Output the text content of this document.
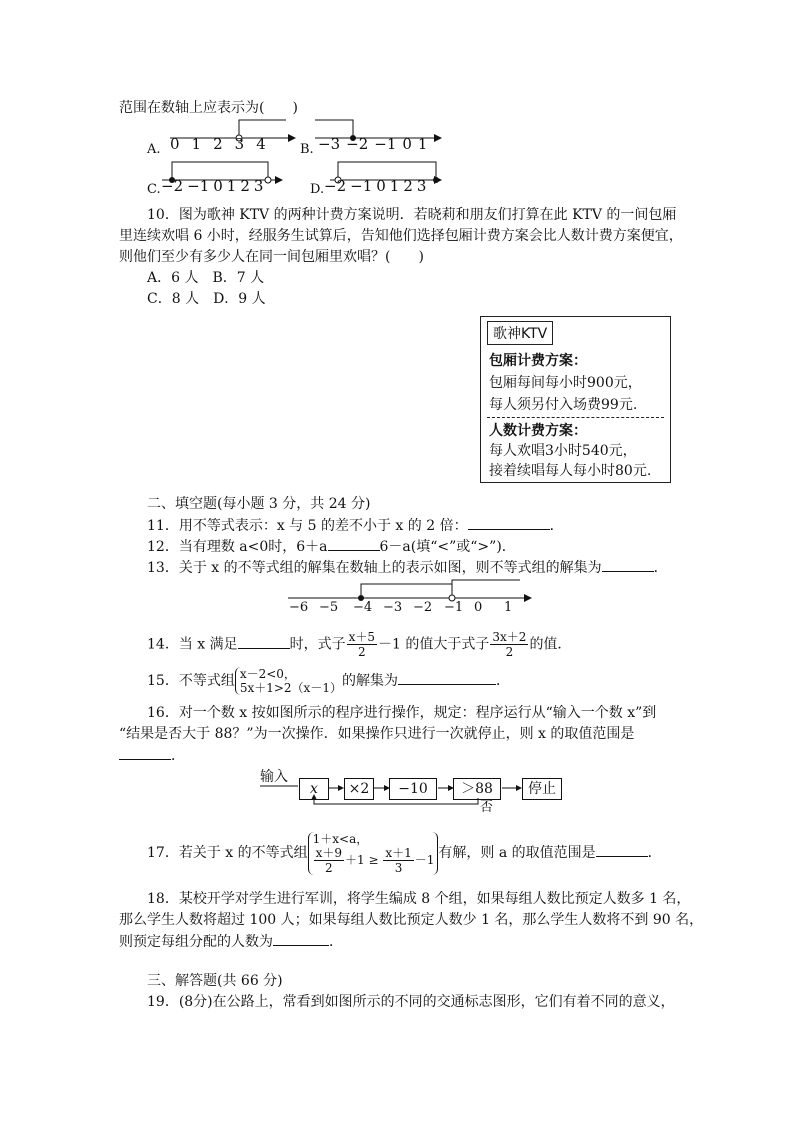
范围在数轴上应表示为(　　)
A. 0 1 2 3 4	B. −3 −2 −1 0 1
C. −2 −1 0 1 2 3	D. −2 −1 0 1 2 3
10．图为歌神 KTV 的两种计费方案说明．若晓莉和朋友们打算在此 KTV 的一间包厢
里连续欢唱 6 小时，经服务生试算后，告知他们选择包厢计费方案会比人数计费方案便宜，
则他们至少有多少人在同一间包厢里欢唱？(　　)
A．6 人　B．7 人
C．8 人　D．9 人
歌神KTV
包厢计费方案：
包厢每间每小时900元，
每人须另付入场费99元.
人数计费方案：
每人欢唱3小时540元，
接着续唱每人每小时80元.
二、填空题(每小题 3 分，共 24 分)
11．用不等式表示：x 与 5 的差不小于 x 的 2 倍：	．
12．当有理数 a<0时，6＋a	6－a(填“<”或“>”)．
13．关于 x 的不等式组的解集在数轴上的表示如图，则不等式组的解集为	．
−6 −5 −4 −3 −2 −1 0 1
14．当 x 满足	时，式子 $\frac{x+5}{2} -1$ 的值大于式子 $\frac{3x+2}{2}$ 的值．
15．不等式组 x－2<0，
5x＋1>2（x－1） 的解集为	．
16．对一个数 x 按如图所示的程序进行操作，规定：程序运行从“输入一个数 x”到
“结果是否大于 88？”为一次操作．如果操作只进行一次就停止，则 x 的取值范围是
．
输入
x	×2	−10	＞88	停止
否
17．若关于 x 的不等式组
1＋x<a，
$\frac{x+9}{2} +1 \ge \frac{x+1}{3} -1$ 有解，则 a 的取值范围是	．
18．某校开学对学生进行军训，将学生编成 8 个组，如果每组人数比预定人数多 1 名，
那么学生人数将超过 100 人；如果每组人数比预定人数少 1 名，那么学生人数将不到 90 名，
则预定每组分配的人数为	．
三、解答题(共 66 分)
19．(8分)在公路上，常看到如图所示的不同的交通标志图形，它们有着不同的意义，
